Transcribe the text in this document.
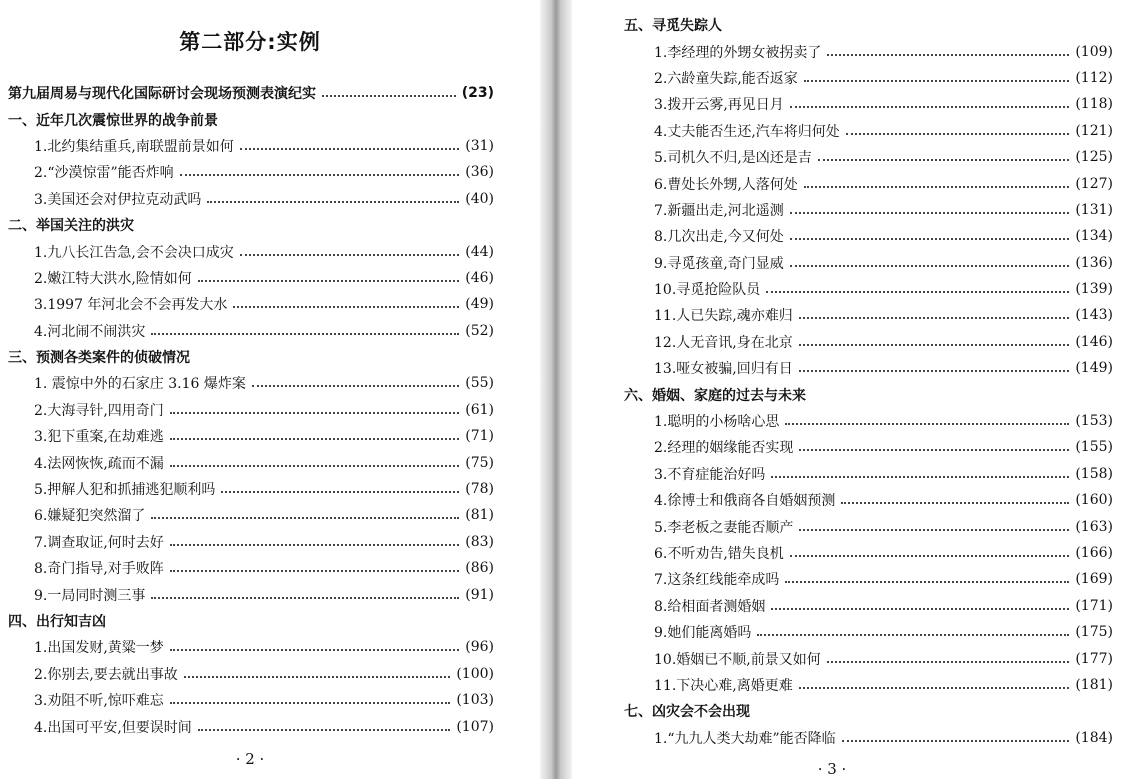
第二部分:实例
第九届周易与现代化国际研讨会现场预测表演纪实	(23)
一、近年几次震惊世界的战争前景
1.北约集结重兵,南联盟前景如何	(31)
2.“沙漠惊雷”能否炸响	(36)
3.美国还会对伊拉克动武吗	(40)
二、举国关注的洪灾
1.九八长江告急,会不会决口成灾	(44)
2.嫩江特大洪水,险情如何	(46)
3.1997 年河北会不会再发大水	(49)
4.河北闹不闹洪灾	(52)
三、预测各类案件的侦破情况
1. 震惊中外的石家庄 3.16 爆炸案	(55)
2.大海寻针,四用奇门	(61)
3.犯下重案,在劫难逃	(71)
4.法网恢恢,疏而不漏	(75)
5.押解人犯和抓捕逃犯顺利吗	(78)
6.嫌疑犯突然溜了	(81)
7.调查取证,何时去好	(83)
8.奇门指导,对手败阵	(86)
9.一局同时测三事	(91)
四、出行知吉凶
1.出国发财,黄粱一梦	(96)
2.你别去,要去就出事故	(100)
3.劝阻不听,惊吓难忘	(103)
4.出国可平安,但要误时间	(107)
· 2 ·
五、寻觅失踪人
1.李经理的外甥女被拐卖了	(109)
2.六龄童失踪,能否返家	(112)
3.拨开云雾,再见日月	(118)
4.丈夫能否生还,汽车将归何处	(121)
5.司机久不归,是凶还是吉	(125)
6.曹处长外甥,人落何处	(127)
7.新疆出走,河北遥测	(131)
8.几次出走,今又何处	(134)
9.寻觅孩童,奇门显威	(136)
10.寻觅抢险队员	(139)
11.人已失踪,魂亦难归	(143)
12.人无音讯,身在北京	(146)
13.哑女被骗,回归有日	(149)
六、婚姻、家庭的过去与未来
1.聪明的小杨啥心思	(153)
2.经理的姻缘能否实现	(155)
3.不育症能治好吗	(158)
4.徐博士和俄商各自婚姻预测	(160)
5.李老板之妻能否顺产	(163)
6.不听劝告,错失良机	(166)
7.这条红线能牵成吗	(169)
8.给相面者测婚姻	(171)
9.她们能离婚吗	(175)
10.婚姻已不顺,前景又如何	(177)
11.下决心难,离婚更难	(181)
七、凶灾会不会出现
1.“九九人类大劫难”能否降临	(184)
· 3 ·
